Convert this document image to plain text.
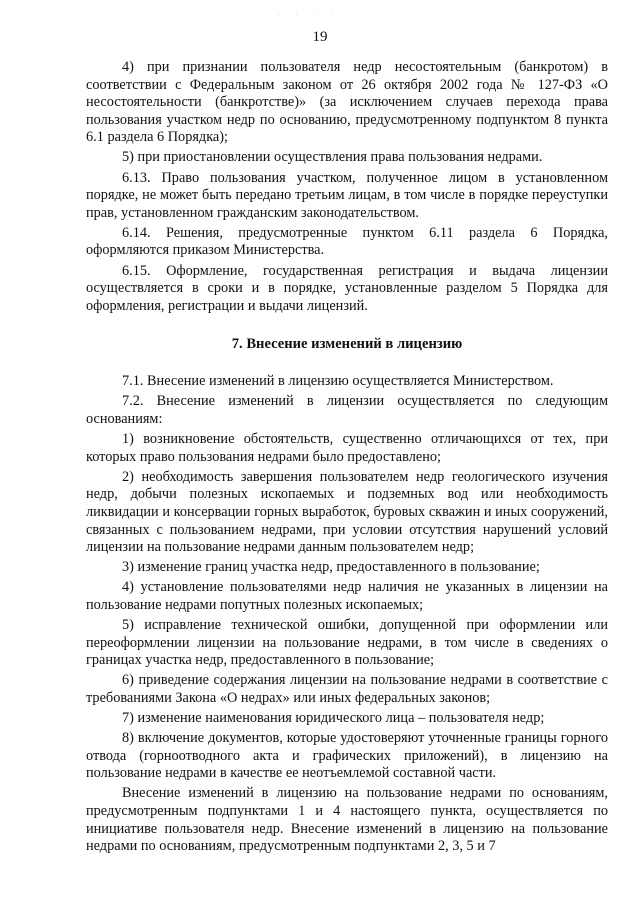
· · · ·
19

4) при признании пользователя недр несостоятельным (банкротом) в соответствии с Федеральным законом от 26 октября 2002 года № 127-ФЗ «О несостоятельности (банкротстве)» (за исключением случаев перехода права пользования участком недр по основанию, предусмотренному подпунктом 8 пункта 6.1 раздела 6 Порядка);

5) при приостановлении осуществления права пользования недрами.

6.13. Право пользования участком, полученное лицом в установленном порядке, не может быть передано третьим лицам, в том числе в порядке переуступки прав, установленном гражданским законодательством.

6.14. Решения, предусмотренные пунктом 6.11 раздела 6 Порядка, оформляются приказом Министерства.

6.15. Оформление, государственная регистрация и выдача лицензии осуществляется в сроки и в порядке, установленные разделом 5 Порядка для оформления, регистрации и выдачи лицензий.

7. Внесение изменений в лицензию

7.1. Внесение изменений в лицензию осуществляется Министерством.

7.2. Внесение изменений в лицензии осуществляется по следующим основаниям:

1) возникновение обстоятельств, существенно отличающихся от тех, при которых право пользования недрами было предоставлено;

2) необходимость завершения пользователем недр геологического изучения недр, добычи полезных ископаемых и подземных вод или необходимость ликвидации и консервации горных выработок, буровых скважин и иных сооружений, связанных с пользованием недрами, при условии отсутствия нарушений условий лицензии на пользование недрами данным пользователем недр;

3) изменение границ участка недр, предоставленного в пользование;

4) установление пользователями недр наличия не указанных в лицензии на пользование недрами попутных полезных ископаемых;

5) исправление технической ошибки, допущенной при оформлении или переоформлении лицензии на пользование недрами, в том числе в сведениях о границах участка недр, предоставленного в пользование;

6) приведение содержания лицензии на пользование недрами в соответствие с требованиями Закона «О недрах» или иных федеральных законов;

7) изменение наименования юридического лица – пользователя недр;

8) включение документов, которые удостоверяют уточненные границы горного отвода (горноотводного акта и графических приложений), в лицензию на пользование недрами в качестве ее неотъемлемой составной части.

Внесение изменений в лицензию на пользование недрами по основаниям, предусмотренным подпунктами 1 и 4 настоящего пункта, осуществляется по инициативе пользователя недр. Внесение изменений в лицензию на пользование недрами по основаниям, предусмотренным подпунктами 2, 3, 5 и 7
